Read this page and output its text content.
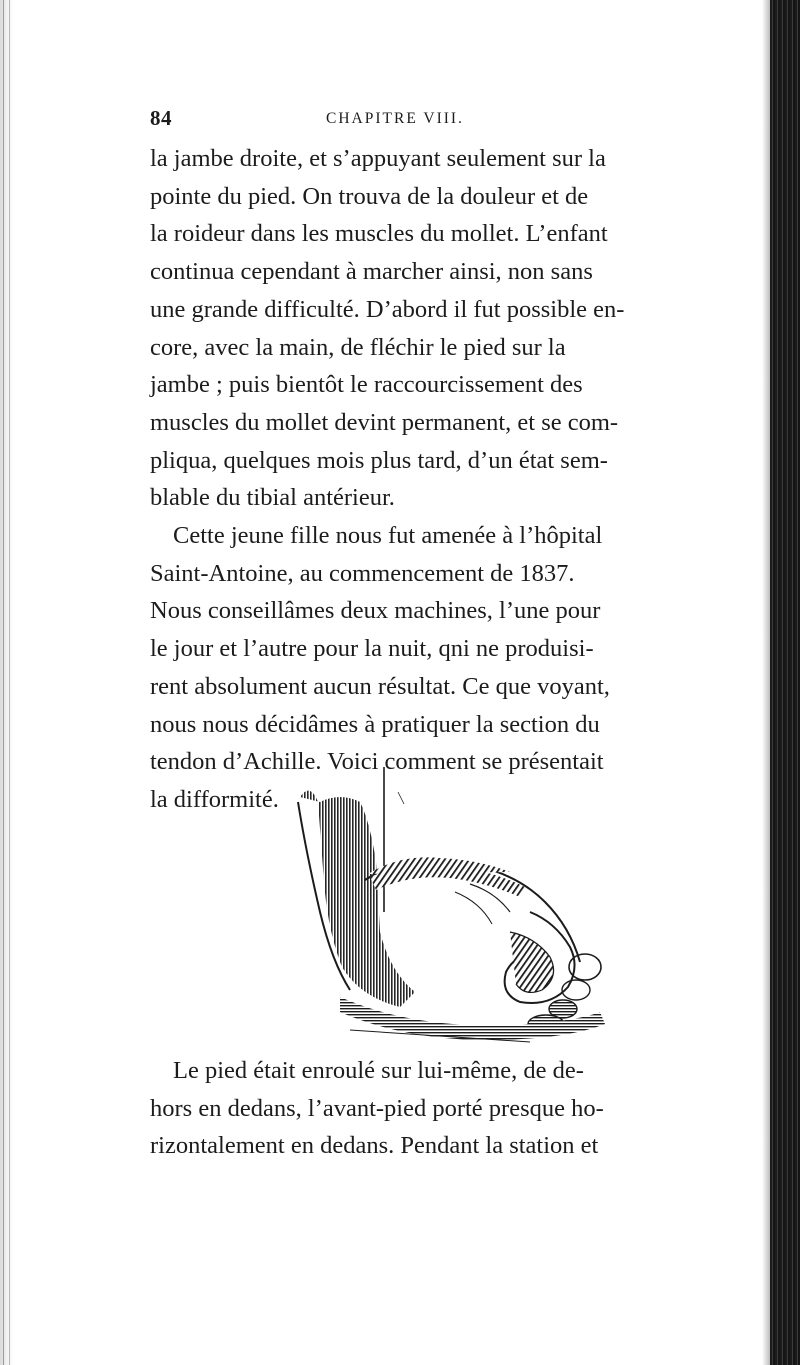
84	CHAPITRE VIII.
la jambe droite, et s’appuyant seulement sur la
pointe du pied. On trouva de la douleur et de
la roideur dans les muscles du mollet. L’enfant
continua cependant à marcher ainsi, non sans
une grande difficulté. D’abord il fut possible en-
core, avec la main, de fléchir le pied sur la
jambe ; puis bientôt le raccourcissement des
muscles du mollet devint permanent, et se com-
pliqua, quelques mois plus tard, d’un état sem-
blable du tibial antérieur.
Cette jeune fille nous fut amenée à l’hôpital
Saint-Antoine, au commencement de 1837.
Nous conseillâmes deux machines, l’une pour
le jour et l’autre pour la nuit, qni ne produisi-
rent absolument aucun résultat. Ce que voyant,
nous nous décidâmes à pratiquer la section du
tendon d’Achille. Voici comment se présentait
la difformité.
Le pied était enroulé sur lui-même, de de-
hors en dedans, l’avant-pied porté presque ho-
rizontalement en dedans. Pendant la station et
